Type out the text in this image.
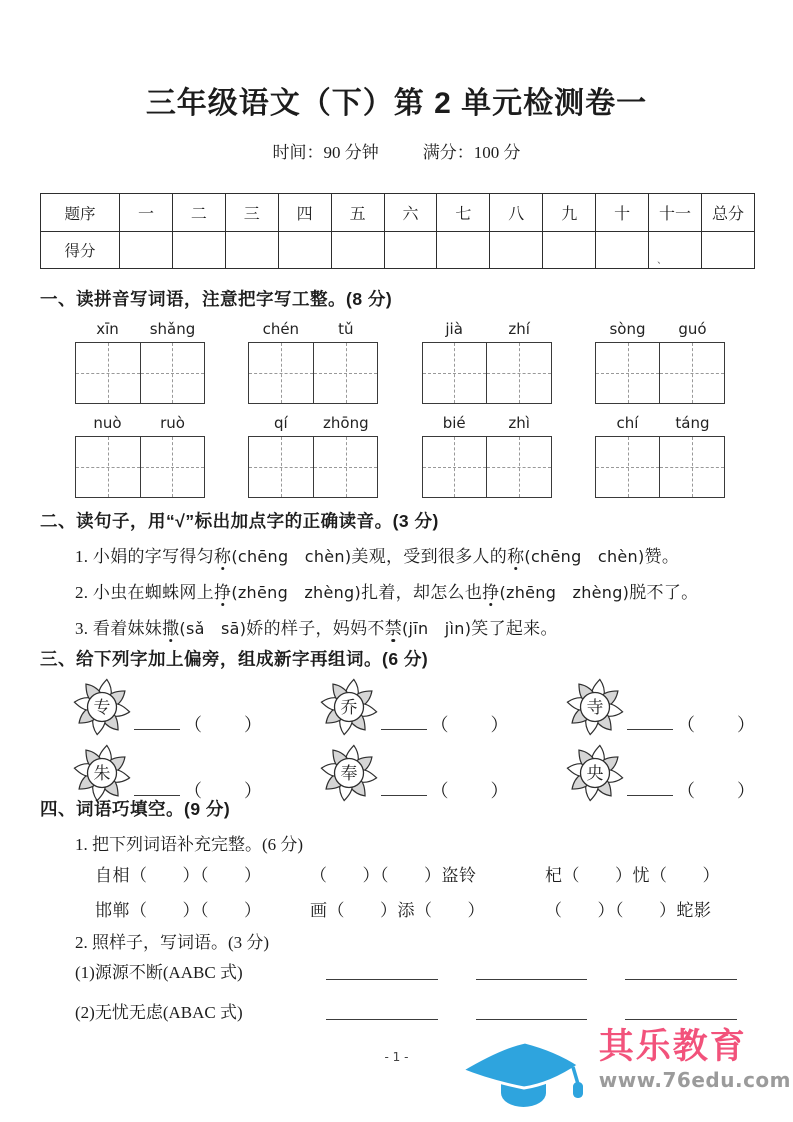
三年级语文（下）第 2 单元检测卷一
时间：90 分钟	满分：100 分
题序	一	二	三	四	五	六	七	八	九	十	十一	总分
得分											、	

一、读拼音写词语，注意把字写工整。(8 分)
xīn	shǎng	chén	tǔ	jià	zhí	sòng	guó
nuò	ruò	qí	zhōng	bié	zhì	chí	táng
二、读句子，用“√”标出加点字的正确读音。(3 分)
1. 小娟的字写得匀称(chēng　chèn)美观，受到很多人的称(chēng　chèn)赞。
2. 小虫在蜘蛛网上挣(zhēng　zhèng)扎着，却怎么也挣(zhēng　zhèng)脱不了。
3. 看着妹妹撒(sǎ　sā)娇的样子，妈妈不禁(jīn　jìn)笑了起来。
三、给下列字加上偏旁，组成新字再组词。(6 分)
专
（ ）
乔
（ ）
寺
（ ）
朱
（ ）
奉
（ ）
央
（ ）
四、词语巧填空。(9 分)
1. 把下列词语补充完整。(6 分)
自相（　　）（　　）	（　　）（　　）盗铃	杞（　　）忧（　　）
邯郸（　　）（　　）	画（　　）添（　　）	（　　）（　　）蛇影
2. 照样子，写词语。(3 分)
(1)源源不断(AABC 式)
(2)无忧无虑(ABAC 式)
- 1 -	其乐教育
www.76edu.com
